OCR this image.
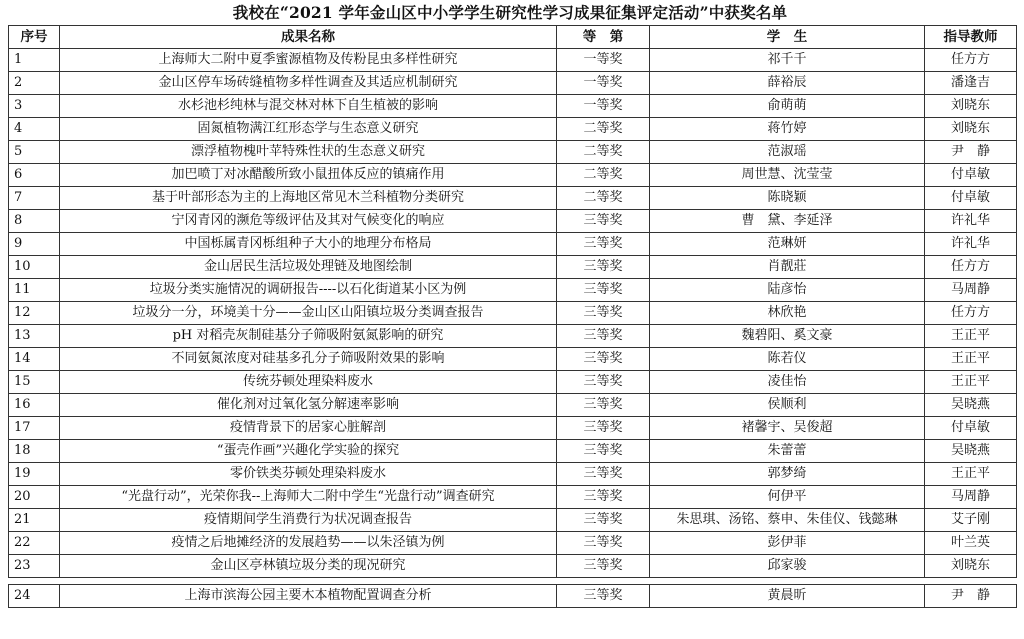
我校在“2021 学年金山区中小学学生研究性学习成果征集评定活动”中获奖名单
序号	成果名称	等　第	学　生	指导教师
1	上海师大二附中夏季蜜源植物及传粉昆虫多样性研究	一等奖	祁千千	任方方
2	金山区停车场砖缝植物多样性调查及其适应机制研究	一等奖	薛裕辰	潘逢吉
3	水杉池杉纯林与混交林对林下自生植被的影响	一等奖	俞萌萌	刘晓东
4	固氮植物满江红形态学与生态意义研究	二等奖	蒋竹婷	刘晓东
5	漂浮植物槐叶苹特殊性状的生态意义研究	二等奖	范淑瑶	尹　静
6	加巴喷丁对冰醋酸所致小鼠扭体反应的镇痛作用	二等奖	周世慧、沈莹莹	付卓敏
7	基于叶部形态为主的上海地区常见木兰科植物分类研究	二等奖	陈晓颖	付卓敏
8	宁冈青冈的濒危等级评估及其对气候变化的响应	三等奖	曹　黛、李延泽	许礼华
9	中国栎属青冈栎组种子大小的地理分布格局	三等奖	范琳妍	许礼华
10	金山居民生活垃圾处理链及地图绘制	三等奖	肖靓莊	任方方
11	垃圾分类实施情况的调研报告----以石化街道某小区为例	三等奖	陆彦怡	马周静
12	垃圾分一分，环境美十分——金山区山阳镇垃圾分类调查报告	三等奖	林欣艳	任方方
13	pH 对稻壳灰制硅基分子筛吸附氨氮影响的研究	三等奖	魏碧阳、奚文豪	王正平
14	不同氨氮浓度对硅基多孔分子筛吸附效果的影响	三等奖	陈若仪	王正平
15	传统芬顿处理染料废水	三等奖	凌佳怡	王正平
16	催化剂对过氧化氢分解速率影响	三等奖	侯顺利	吴晓燕
17	疫情背景下的居家心脏解剖	三等奖	褚馨宇、吴俊超	付卓敏
18	“蛋壳作画”兴趣化学实验的探究	三等奖	朱蕾蕾	吴晓燕
19	零价铁类芬顿处理染料废水	三等奖	郭梦绮	王正平
20	“光盘行动”，光荣你我--上海师大二附中学生“光盘行动”调查研究	三等奖	何伊平	马周静
21	疫情期间学生消费行为状况调查报告	三等奖	朱思琪、汤铭、蔡申、朱佳仪、钱懿琳	艾子刚
22	疫情之后地摊经济的发展趋势——以朱泾镇为例	三等奖	彭伊菲	叶兰英
23	金山区亭林镇垃圾分类的现况研究	三等奖	邱家骏	刘晓东

24	上海市滨海公园主要木本植物配置调查分析	三等奖	黄晨昕	尹　静
